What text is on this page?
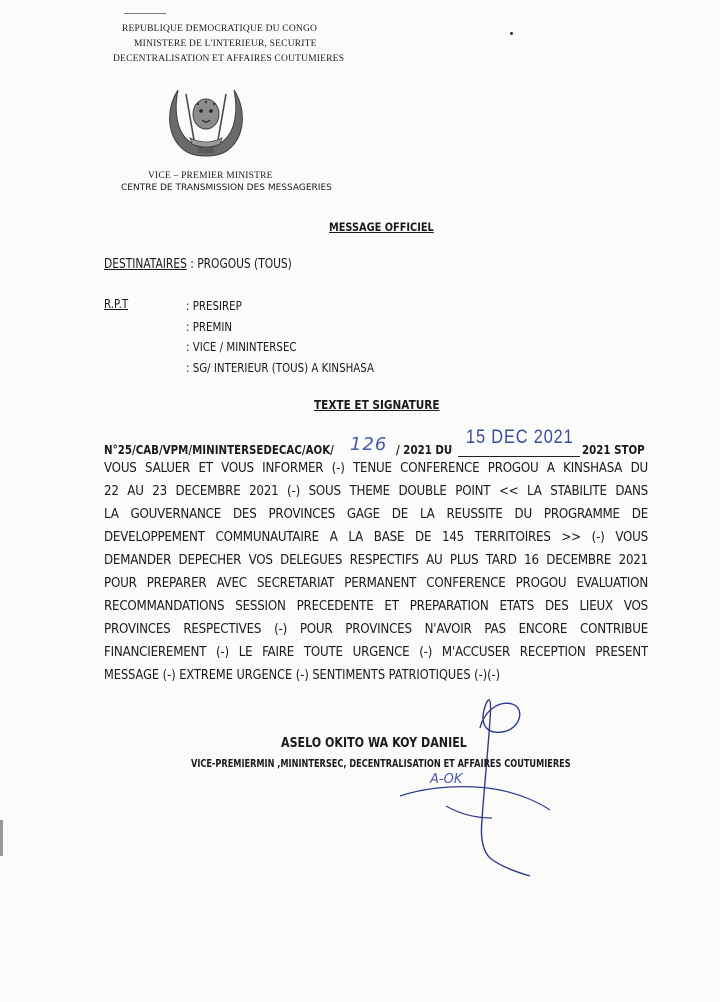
REPUBLIQUE DEMOCRATIQUE DU CONGO
MINISTERE DE L'INTERIEUR, SECURITE
DECENTRALISATION ET AFFAIRES COUTUMIERES
VICE – PREMIER MINISTRE
CENTRE DE TRANSMISSION DES MESSAGERIES
MESSAGE OFFICIEL
DESTINATAIRES : PROGOUS (TOUS)
R.P.T	: PRESIREP
: PREMIN
: VICE / MININTERSEC
: SG/ INTERIEUR (TOUS) A KINSHASA
TEXTE ET SIGNATURE
N°25/CAB/VPM/MININTERSEDECAC/AOK/ 126 / 2021 DU
15 DEC 2021
2021 STOP
VOUS SALUER ET VOUS INFORMER (-) TENUE CONFERENCE PROGOU A KINSHASA DU
22 AU 23 DECEMBRE 2021 (-) SOUS THEME DOUBLE POINT << LA STABILITE DANS
LA GOUVERNANCE DES PROVINCES GAGE DE LA REUSSITE DU PROGRAMME DE
DEVELOPPEMENT COMMUNAUTAIRE A LA BASE DE 145 TERRITOIRES >> (-) VOUS
DEMANDER DEPECHER VOS DELEGUES RESPECTIFS AU PLUS TARD 16 DECEMBRE 2021
POUR PREPARER AVEC SECRETARIAT PERMANENT CONFERENCE PROGOU EVALUATION
RECOMMANDATIONS SESSION PRECEDENTE ET PREPARATION ETATS DES LIEUX VOS
PROVINCES RESPECTIVES (-) POUR PROVINCES N'AVOIR PAS ENCORE CONTRIBUE
FINANCIEREMENT (-) LE FAIRE TOUTE URGENCE (-) M'ACCUSER RECEPTION PRESENT
MESSAGE (-) EXTREME URGENCE (-) SENTIMENTS PATRIOTIQUES (-)(-)
A-OK
ASELO OKITO WA KOY DANIEL
VICE-PREMIERMIN ,MININTERSEC, DECENTRALISATION ET AFFAIRES COUTUMIERES
